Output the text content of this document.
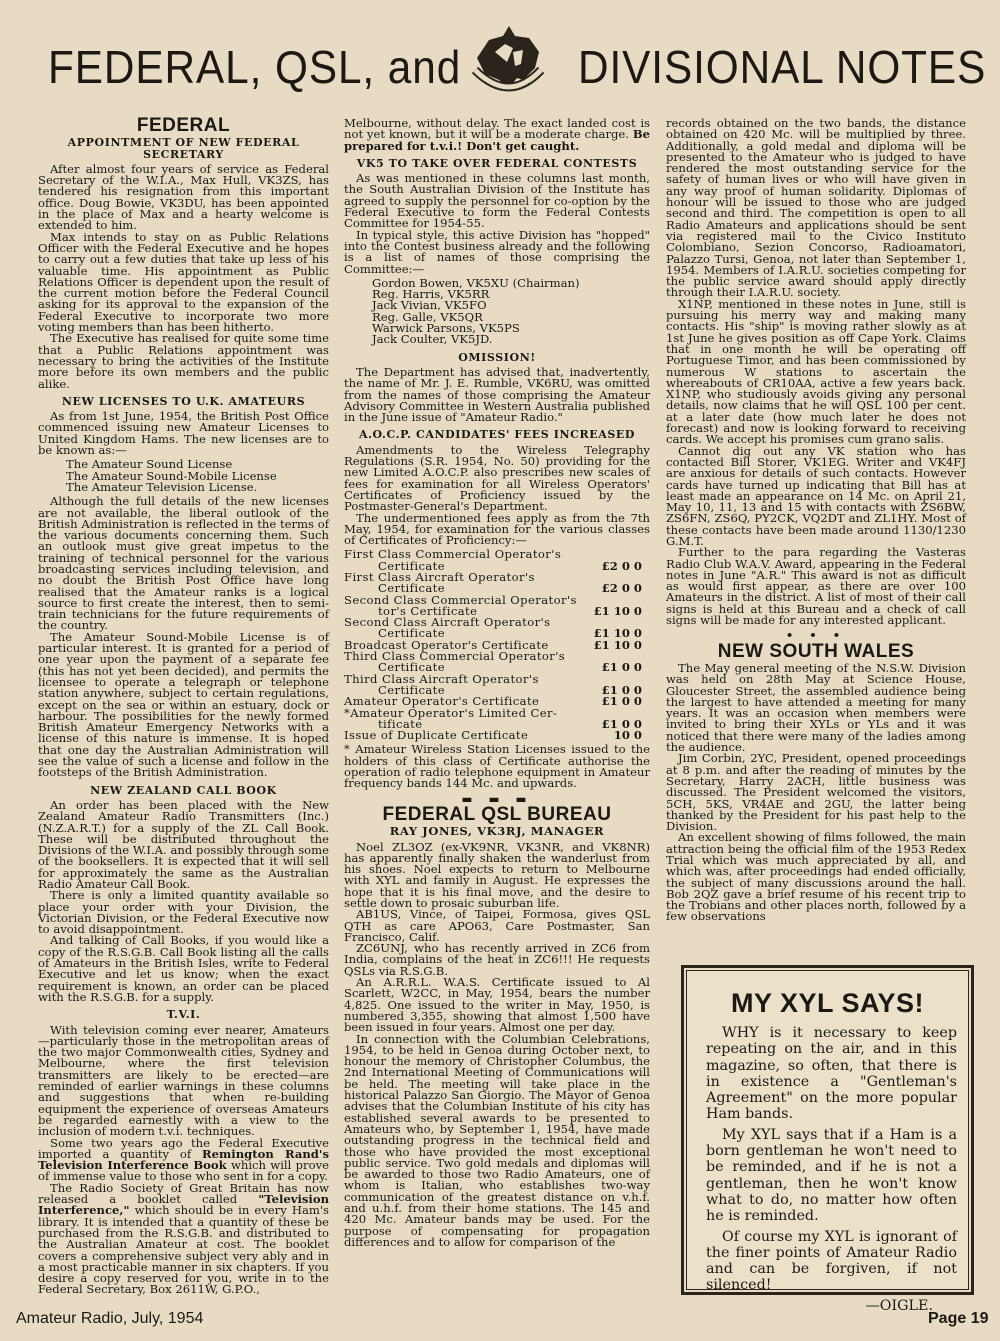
FEDERAL, QSL, and	DIVISIONAL NOTES
FEDERAL
APPOINTMENT OF NEW FEDERAL SECRETARY

After almost four years of service as Federal Secretary of the W.I.A., Max Hull, VK3ZS, has tendered his resignation from this important office. Doug Bowie, VK3DU, has been appointed in the place of Max and a hearty welcome is extended to him.

Max intends to stay on as Public Relations Officer with the Federal Executive and he hopes to carry out a few duties that take up less of his valuable time. His appointment as Public Relations Officer is dependent upon the result of the current motion before the Federal Council asking for its approval to the expansion of the Federal Executive to incorporate two more voting members than has been hitherto.

The Executive has realised for quite some time that a Public Relations appointment was necessary to bring the activities of the Institute more before its own members and the public alike.

NEW LICENSES TO U.K. AMATEURS

As from 1st June, 1954, the British Post Office commenced issuing new Amateur Licenses to United Kingdom Hams. The new licenses are to be known as:—

The Amateur Sound License
The Amateur Sound-Mobile License
The Amateur Television License.

Although the full details of the new licenses are not available, the liberal outlook of the British Administration is reflected in the terms of the various documents concerning them. Such an outlook must give great impetus to the training of technical personnel for the various broadcasting services including television, and no doubt the British Post Office have long realised that the Amateur ranks is a logical source to first create the interest, then to semi-train technicians for the future requirements of the country.

The Amateur Sound-Mobile License is of particular interest. It is granted for a period of one year upon the payment of a separate fee (this has not yet been decided), and permits the licensee to operate a telegraph or telephone station anywhere, subject to certain regulations, except on the sea or within an estuary, dock or harbour. The possibilities for the newly formed British Amateur Emergency Networks with a license of this nature is immense. It is hoped that one day the Australian Administration will see the value of such a license and follow in the footsteps of the British Administration.

NEW ZEALAND CALL BOOK

An order has been placed with the New Zealand Amateur Radio Transmitters (Inc.) (N.Z.A.R.T.) for a supply of the ZL Call Book. These will be distributed throughout the Divisions of the W.I.A. and possibly through some of the booksellers. It is expected that it will sell for approximately the same as the Australian Radio Amateur Call Book.

There is only a limited quantity available so place your order with your Division, the Victorian Division, or the Federal Executive now to avoid disappointment.

And talking of Call Books, if you would like a copy of the R.S.G.B. Call Book listing all the calls of Amateurs in the British Isles, write to Federal Executive and let us know; when the exact requirement is known, an order can be placed with the R.S.G.B. for a supply.

T.V.I.

With television coming ever nearer, Amateurs—particularly those in the metropolitan areas of the two major Commonwealth cities, Sydney and Melbourne, where the first television transmitters are likely to be erected—are reminded of earlier warnings in these columns and suggestions that when re-building equipment the experience of overseas Amateurs be regarded earnestly with a view to the inclusion of modern t.v.i. techniques.

Some two years ago the Federal Executive imported a quantity of Remington Rand's Television Interference Book which will prove of immense value to those who sent in for a copy.

The Radio Society of Great Britain has now released a booklet called "Television Interference," which should be in every Ham's library. It is intended that a quantity of these be purchased from the R.S.G.B. and distributed to the Australian Amateur at cost. The booklet covers a comprehensive subject very ably and in a most practicable manner in six chapters. If you desire a copy reserved for you, write in to the Federal Secretary, Box 2611W, G.P.O.,

Melbourne, without delay. The exact landed cost is not yet known, but it will be a moderate charge. Be prepared for t.v.i.! Don't get caught.

VK5 TO TAKE OVER FEDERAL CONTESTS

As was mentioned in these columns last month, the South Australian Division of the Institute has agreed to supply the personnel for co-option by the Federal Executive to form the Federal Contests Committee for 1954-55.

In typical style, this active Division has "hopped" into the Contest business already and the following is a list of names of those comprising the Committee:—

Gordon Bowen, VK5XU (Chairman)
Reg. Harris, VK5RR
Jack Vivian, VK5FO
Reg. Galle, VK5QR
Warwick Parsons, VK5PS
Jack Coulter, VK5JD.
OMISSION!

The Department has advised that, inadvertently, the name of Mr. J. E. Rumble, VK6RU, was omitted from the names of those comprising the Amateur Advisory Committee in Western Australia published in the June issue of "Amateur Radio."

A.O.C.P. CANDIDATES' FEES INCREASED

Amendments to the Wireless Telegraphy Regulations (S.R. 1954, No. 50) providing for the new Limited A.O.C.P. also prescribes new scales of fees for examination for all Wireless Operators' Certificates of Proficiency issued by the Postmaster-General's Department.

The undermentioned fees apply as from the 7th May, 1954, for examination for the various classes of Certificates of Proficiency:—

First Class Commercial Operator's
Certificate	£2 0 0
First Class Aircraft Operator's
Certificate	£2 0 0
Second Class Commercial Operator's
tor's Certificate	£1 10 0
Second Class Aircraft Operator's
Certificate	£1 10 0
Broadcast Operator's Certificate	£1 10 0
Third Class Commercial Operator's
Certificate	£1 0 0
Third Class Aircraft Operator's
Certificate	£1 0 0
Amateur Operator's Certificate	£1 0 0
*Amateur Operator's Limited Cer-
tificate	£1 0 0
Issue of Duplicate Certificate	10 0

* Amateur Wireless Station Licenses issued to the holders of this class of Certificate authorise the operation of radio telephone equipment in Amateur frequency bands 144 Mc. and upwards.

▬ ▬ ▬
FEDERAL QSL BUREAU
RAY JONES, VK3RJ, MANAGER

Noel ZL3OZ (ex-VK9NR, VK3NR, and VK8NR) has apparently finally shaken the wanderlust from his shoes. Noel expects to return to Melbourne with XYL and family in August. He expresses the hope that it is his final move, and the desire to settle down to prosaic suburban life.

AB1US, Vince, of Taipei, Formosa, gives QSL QTH as care APO63, Care Postmaster, San Francisco, Calif.

ZC6UNJ, who has recently arrived in ZC6 from India, complains of the heat in ZC6!!! He requests QSLs via R.S.G.B.

An A.R.R.L. W.A.S. Certificate issued to Al Scarlett, W2CC, in May, 1954, bears the number 4,825. One issued to the writer in May, 1950, is numbered 3,355, showing that almost 1,500 have been issued in four years. Almost one per day.

In connection with the Columbian Celebrations, 1954, to be held in Genoa during October next, to honour the memory of Christopher Columbus, the 2nd International Meeting of Communications will be held. The meeting will take place in the historical Palazzo San Giorgio. The Mayor of Genoa advises that the Columbian Institute of his city has established several awards to be presented to Amateurs who, by September 1, 1954, have made outstanding progress in the technical field and those who have provided the most exceptional public service. Two gold medals and diplomas will be awarded to those two Radio Amateurs, one of whom is Italian, who establishes two-way communication of the greatest distance on v.h.f. and u.h.f. from their home stations. The 145 and 420 Mc. Amateur bands may be used. For the purpose of compensating for propagation differences and to allow for comparison of the

records obtained on the two bands, the distance obtained on 420 Mc. will be multiplied by three. Additionally, a gold medal and diploma will be presented to the Amateur who is judged to have rendered the most outstanding service for the safety of human lives or who will have given in any way proof of human solidarity. Diplomas of honour will be issued to those who are judged second and third. The competition is open to all Radio Amateurs and applications should be sent via registered mail to the Civico Instituto Colombiano, Sezion Concorso, Radioamatori, Palazzo Tursi, Genoa, not later than September 1, 1954. Members of I.A.R.U. societies competing for the public service award should apply directly through their I.A.R.U. society.

X1NP, mentioned in these notes in June, still is pursuing his merry way and making many contacts. His "ship" is moving rather slowly as at 1st June he gives position as off Cape York. Claims that in one month he will be operating off Portuguese Timor, and has been commissioned by numerous W stations to ascertain the whereabouts of CR10AA, active a few years back. X1NP, who studiously avoids giving any personal details, now claims that he will QSL 100 per cent. at a later date (how much later he does not forecast) and now is looking forward to receiving cards. We accept his promises cum grano salis.

Cannot dig out any VK station who has contacted Bill Storer, VK1EG. Writer and VK4FJ are anxious for details of such contacts. However cards have turned up indicating that Bill has at least made an appearance on 14 Mc. on April 21, May 10, 11, 13 and 15 with contacts with ZS6BW, ZS6FN, ZS6Q, PY2CK, VQ2DT and ZL1HY. Most of these contacts have been made around 1130/1230 G.M.T.

Further to the para regarding the Vasteras Radio Club W.A.V. Award, appearing in the Federal notes in June "A.R." This award is not as difficult as would first appear, as there are over 100 Amateurs in the district. A list of most of their call signs is held at this Bureau and a check of call signs will be made for any interested applicant.

• • •
NEW SOUTH WALES

The May general meeting of the N.S.W. Division was held on 28th May at Science House, Gloucester Street, the assembled audience being the largest to have attended a meeting for many years. It was an occasion when members were invited to bring their XYLs or YLs and it was noticed that there were many of the ladies among the audience.

Jim Corbin, 2YC, President, opened proceedings at 8 p.m. and after the reading of minutes by the Secretary, Harry 2ACH, little business was discussed. The President welcomed the visitors, 5CH, 5KS, VR4AE and 2GU, the latter being thanked by the President for his past help to the Division.

An excellent showing of films followed, the main attraction being the official film of the 1953 Redex Trial which was much appreciated by all, and which was, after proceedings had ended officially, the subject of many discussions around the hall. Bob 2QZ gave a brief resume of his recent trip to the Trobians and other places north, followed by a few observations

MY XYL SAYS!

WHY is it necessary to keep repeating on the air, and in this magazine, so often, that there is in existence a "Gentleman's Agreement" on the more popular Ham bands.

My XYL says that if a Ham is a born gentleman he won't need to be reminded, and if he is not a gentleman, then he won't know what to do, no matter how often he is reminded.

Of course my XYL is ignorant of the finer points of Amateur Radio and can be forgiven, if not silenced!

—OIGLE.
Amateur Radio, July, 1954	Page 19
